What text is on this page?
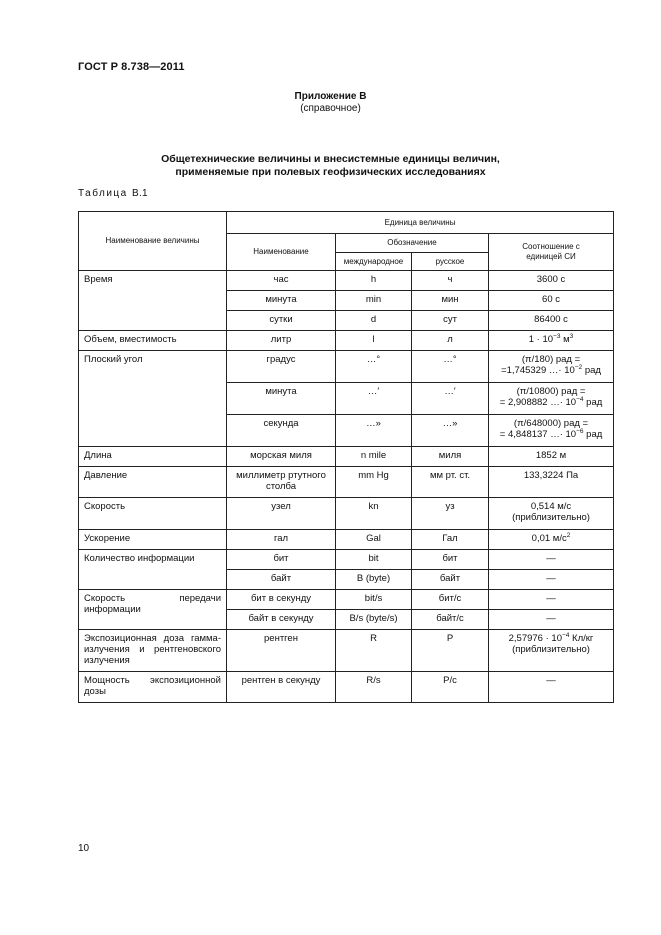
ГОСТ Р 8.738—2011
Приложение В
(справочное)
Общетехнические величины и внесистемные единицы величин,
применяемые при полевых геофизических исследованиях
Таблица В.1
Наименование величины	Единица величины			
	Наименование	Обозначение		Соотношение с единицей СИ
		международное	русское	
Время	час	h	ч	3600 с
	минута	min	мин	60 с
	сутки	d	сут	86400 с
Объем, вместимость	литр	l	л	$1 \cdot 10^{-3}$ $м^3$
Плоский угол	градус	…°	…°	(π/180) рад =
=1,745329 …· $10^{-2}$ рад

	минута	…′	…′	(π/10800) рад =
= 2,908882 …· $10^{-4}$ рад

	секунда	…»	…»	(π/648000) рад =
= 4,848137 …· $10^{-6}$ рад

Длина	морская миля	n mile	миля	1852 м
Давление	миллиметр ртутного столба	mm Hg	мм рт. ст.	133,3224 Па
Скорость	узел	kn	уз	0,514 м/с (приблизительно)
Ускорение	гал	Gal	Гал	0,01 $м/с^2$
Количество информации	бит	bit	бит	—
	байт	B (byte)	байт	—
Скорость передачи информации	бит в секунду	bit/s	бит/с	—
	байт в секунду	B/s (byte/s)	байт/с	—
Экспозиционная доза гамма-излучения и рентгеновского излучения	рентген	R	Р	$2,57976 \cdot 10^{-4}$ Кл/кг
(приблизительно)

Мощность экспозиционной дозы	рентген в секунду	R/s	Р/с	—
10
